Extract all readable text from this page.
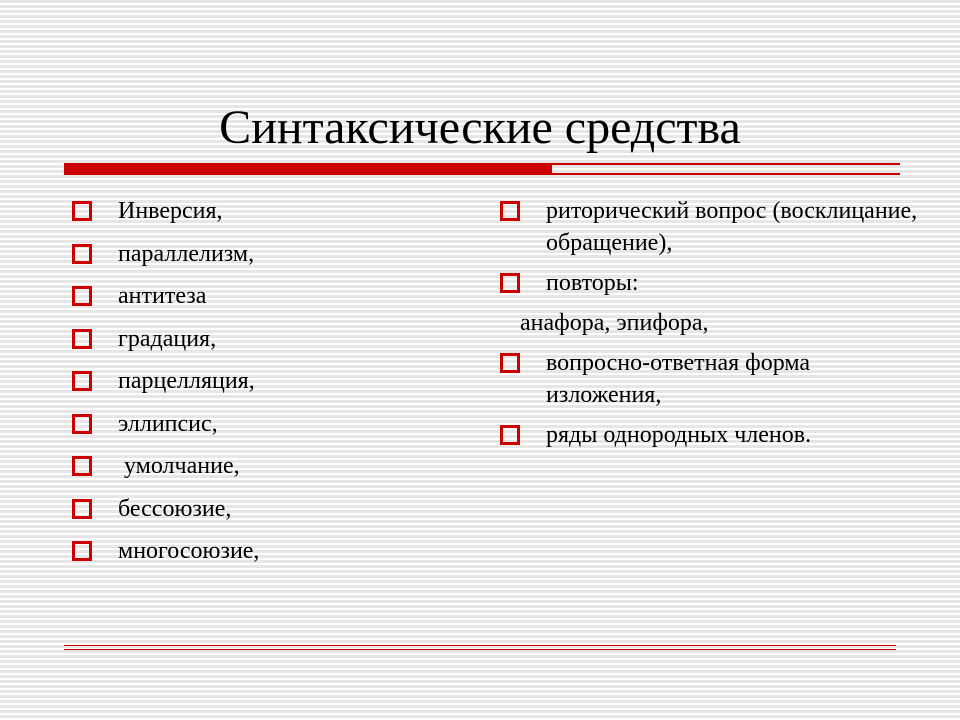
Синтаксические средства
Инверсия,
параллелизм,
антитеза
градация,
парцелляция,
эллипсис,
умолчание,
бессоюзие,
многосоюзие,
риторический вопрос (восклицание, обращение),
повторы:
анафора, эпифора,
вопросно-ответная форма изложения,
ряды однородных членов.
